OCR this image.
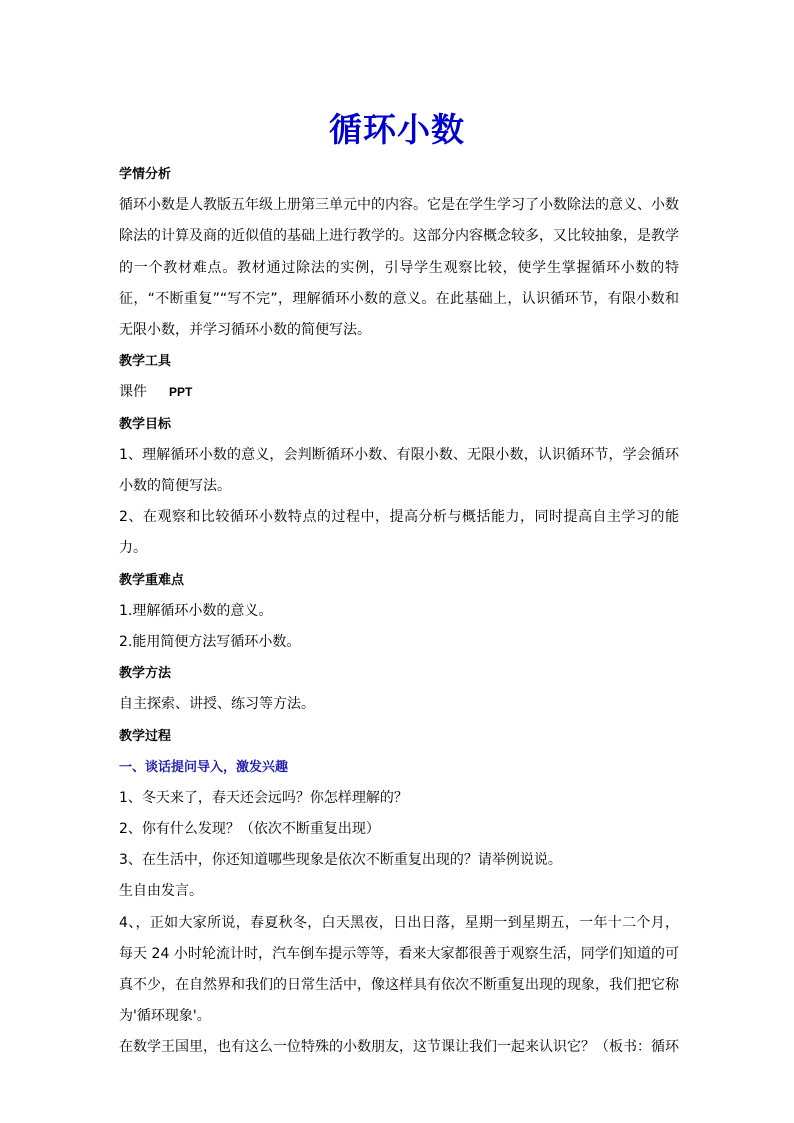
循环小数
学情分析
循环小数是人教版五年级上册第三单元中的内容。它是在学生学习了小数除法的意义、小数除法的计算及商的近似值的基础上进行教学的。这部分内容概念较多，又比较抽象，是教学的一个教材难点。教材通过除法的实例，引导学生观察比较，使学生掌握循环小数的特征，“不断重复”“写不完”，理解循环小数的意义。在此基础上，认识循环节，有限小数和无限小数，并学习循环小数的简便写法。
教学工具
课件 PPT
教学目标
1、理解循环小数的意义，会判断循环小数、有限小数、无限小数，认识循环节，学会循环小数的简便写法。
2、在观察和比较循环小数特点的过程中，提高分析与概括能力，同时提高自主学习的能力。
教学重难点
1.理解循环小数的意义。
2.能用简便方法写循环小数。
教学方法
自主探索、讲授、练习等方法。
教学过程
一、谈话提问导入，激发兴趣
1、冬天来了，春天还会远吗？你怎样理解的？
2、你有什么发现？（依次不断重复出现）
3、在生活中，你还知道哪些现象是依次不断重复出现的？请举例说说。
生自由发言。
4、，正如大家所说，春夏秋冬，白天黑夜，日出日落，星期一到星期五，一年十二个月，每天 24 小时轮流计时，汽车倒车提示等等，看来大家都很善于观察生活，同学们知道的可真不少，在自然界和我们的日常生活中，像这样具有依次不断重复出现的现象，我们把它称为'循环现象'。
在数学王国里，也有这么一位特殊的小数朋友，这节课让我们一起来认识它？（板书：循环
